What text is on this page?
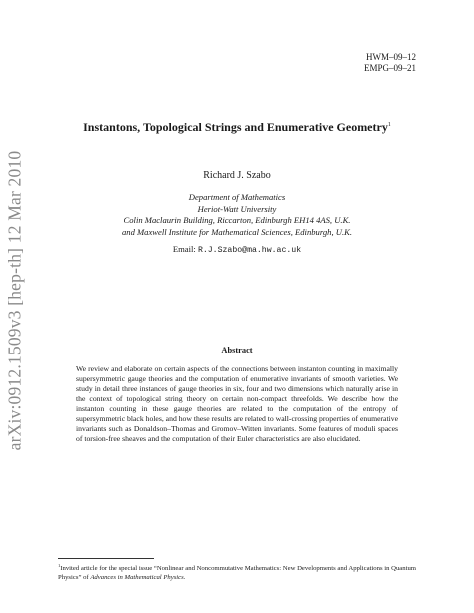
arXiv:0912.1509v3 [hep-th] 12 Mar 2010
HWM–09–12
EMPG–09–21
Instantons, Topological Strings and Enumerative Geometry$^1$
Richard J. Szabo
Department of Mathematics
Heriot-Watt University
Colin Maclaurin Building, Riccarton, Edinburgh EH14 4AS, U.K.
and Maxwell Institute for Mathematical Sciences, Edinburgh, U.K.
Email: R.J.Szabo@ma.hw.ac.uk
Abstract
We review and elaborate on certain aspects of the connections between instanton counting in maximally supersymmetric gauge theories and the computation of enumerative invariants of smooth varieties. We study in detail three instances of gauge theories in six, four and two dimensions which naturally arise in the context of topological string theory on certain non-compact threefolds. We describe how the instanton counting in these gauge theories are related to the computation of the entropy of supersymmetric black holes, and how these results are related to wall-crossing properties of enumerative invariants such as Donaldson–Thomas and Gromov–Witten invariants. Some features of moduli spaces of torsion-free sheaves and the computation of their Euler characteristics are also elucidated.
$^1$Invited article for the special issue “Nonlinear and Noncommutative Mathematics: New Developments and Applications in Quantum Physics” of Advances in Mathematical Physics.
